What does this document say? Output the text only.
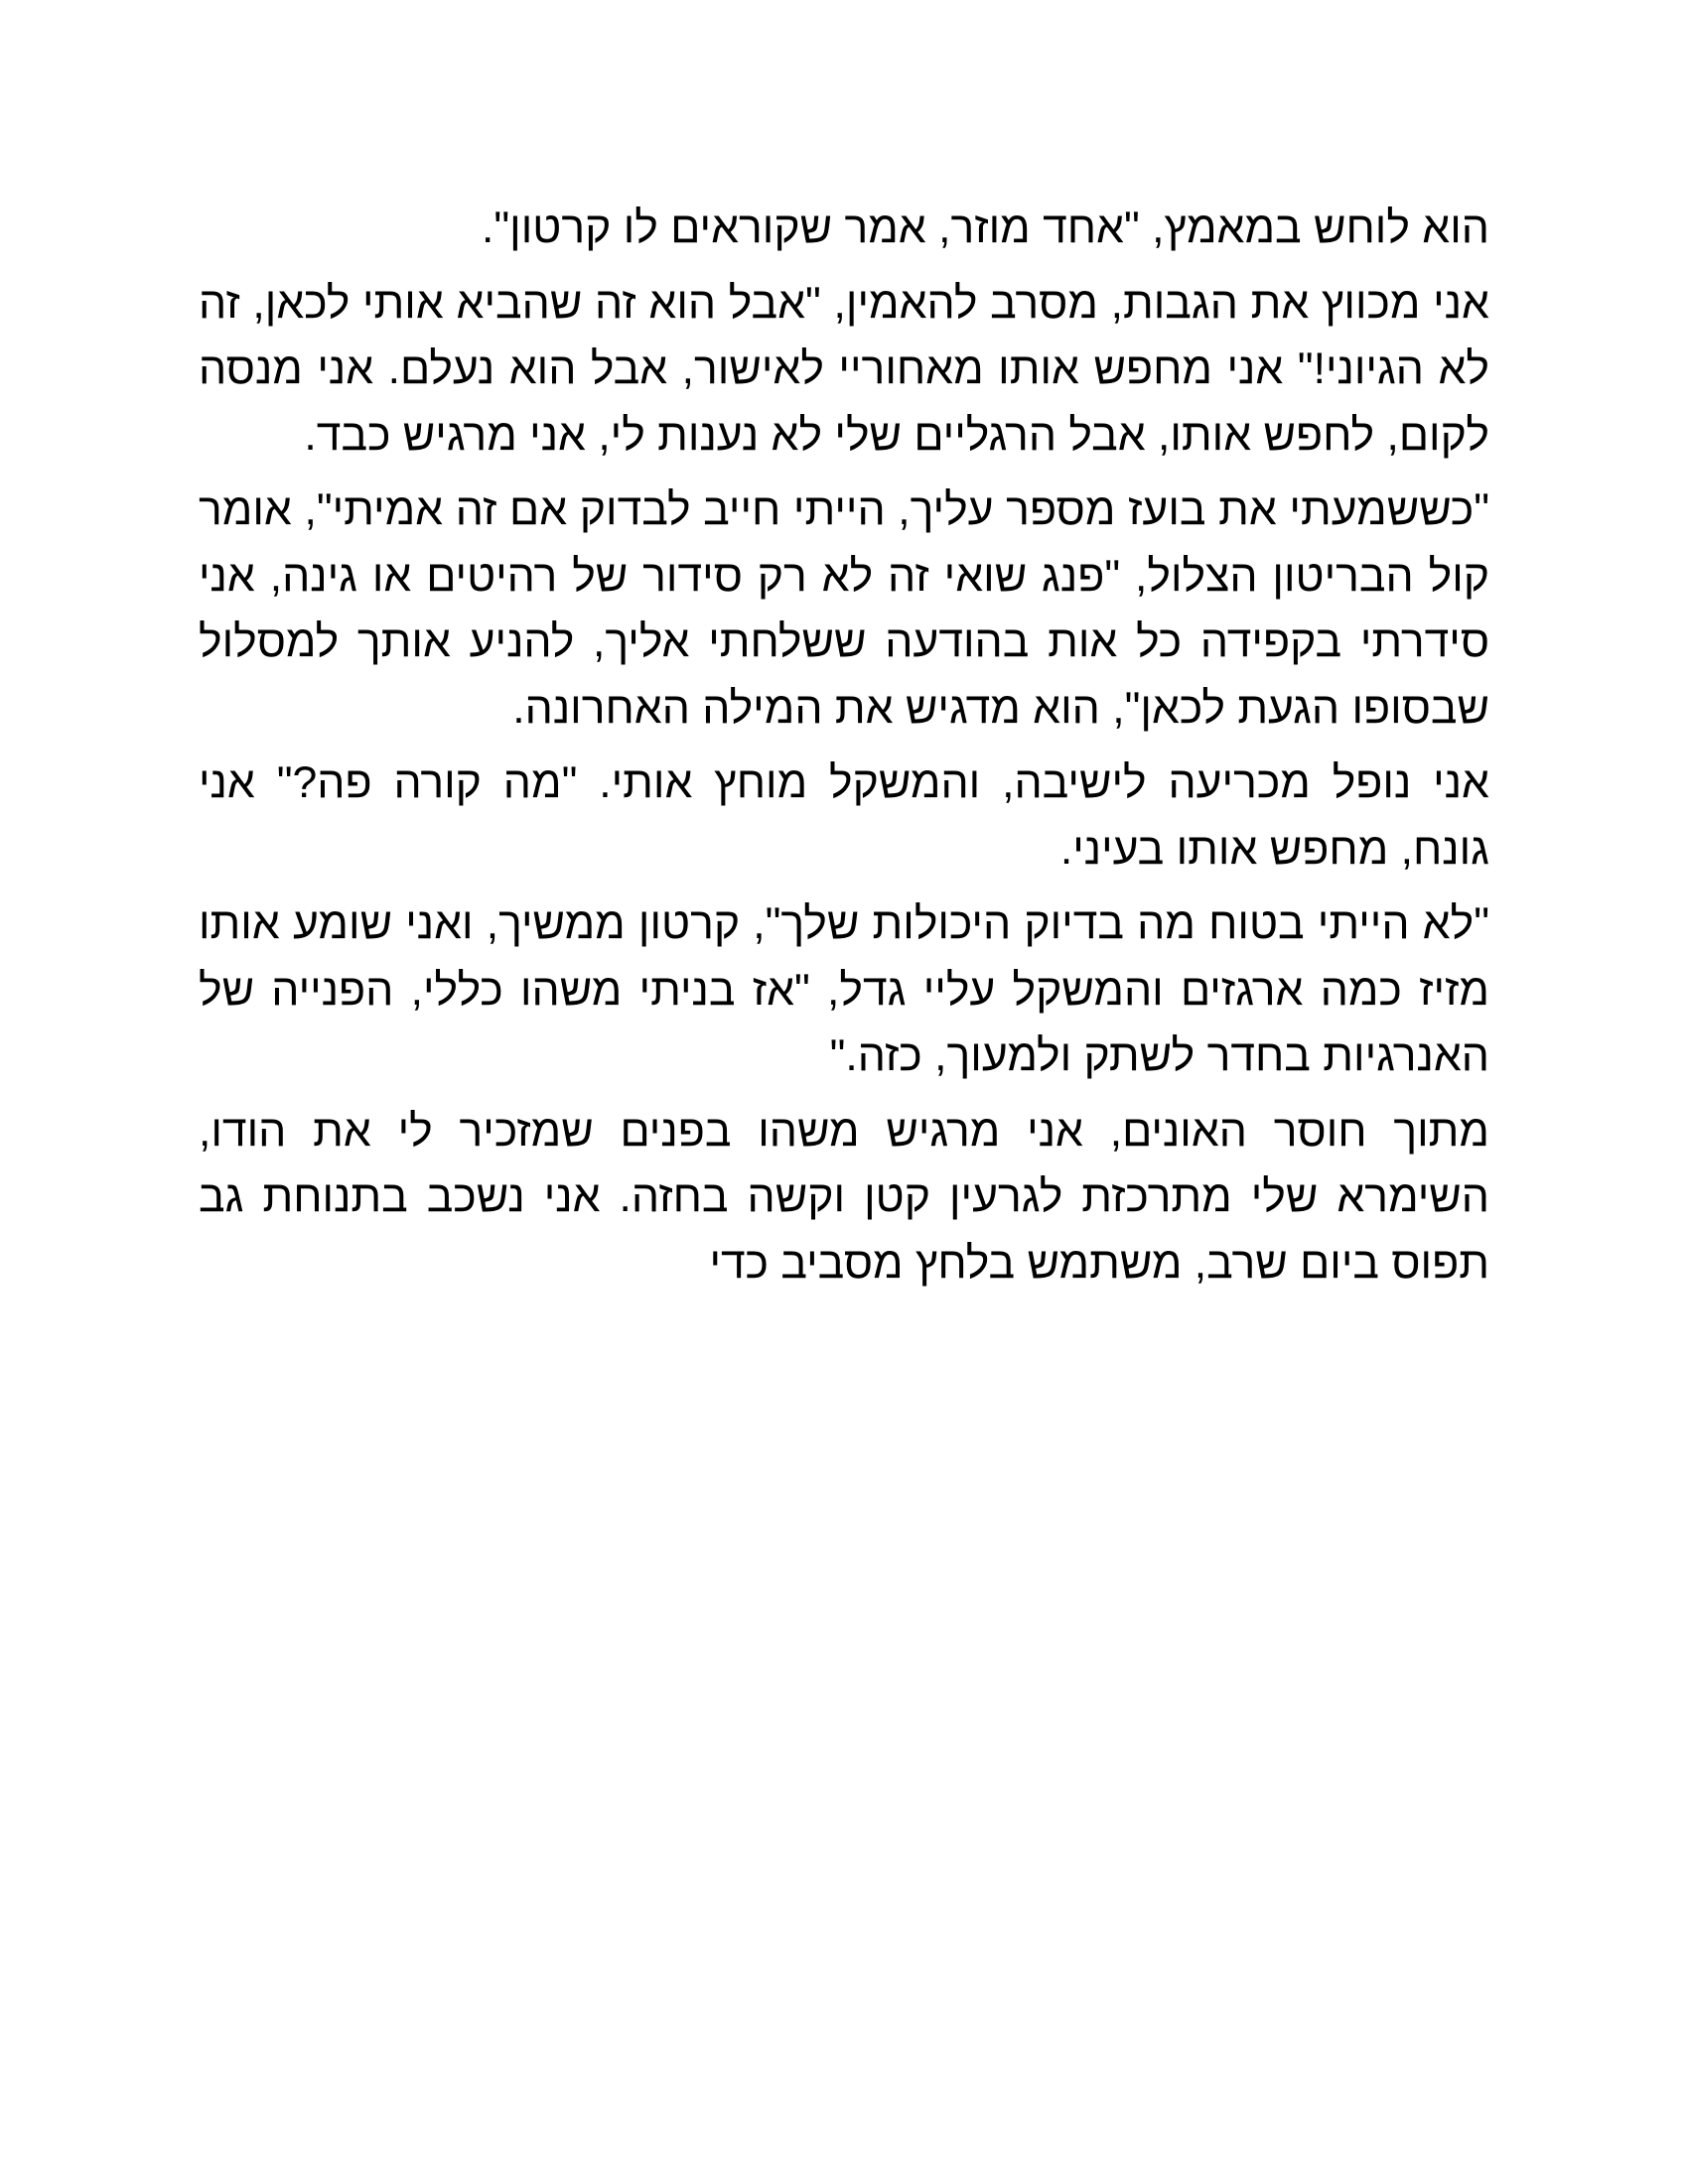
הוא לוחש במאמץ, "אחד מוזר, אמר שקוראים לו קרטון".

אני מכווץ את הגבות, מסרב להאמין, "אבל הוא זה שהביא אותי לכאן, זה לא הגיוני!" אני מחפש אותו מאחוריי לאישור, אבל הוא נעלם. אני מנסה לקום, לחפש אותו, אבל הרגליים שלי לא נענות לי, אני מרגיש כבד.

"כששמעתי את בועז מספר עליך, הייתי חייב לבדוק אם זה אמיתי", אומר קול הבריטון הצלול, "פנג שואי זה לא רק סידור של רהיטים או גינה, אני סידרתי בקפידה כל אות בהודעה ששלחתי אליך, להניע אותך למסלול שבסופו הגעת לכאן", הוא מדגיש את המילה האחרונה.

אני נופל מכריעה לישיבה, והמשקל מוחץ אותי. "מה קורה פה?" אני גונח, מחפש אותו בעיני.

"לא הייתי בטוח מה בדיוק היכולות שלך", קרטון ממשיך, ואני שומע אותו מזיז כמה ארגזים והמשקל עליי גדל, "אז בניתי משהו כללי, הפנייה של האנרגיות בחדר לשתק ולמעוך, כזה."

מתוך חוסר האונים, אני מרגיש משהו בפנים שמזכיר לי את הודו, השימרא שלי מתרכזת לגרעין קטן וקשה בחזה. אני נשכב בתנוחת גב תפוס ביום שרב, משתמש בלחץ מסביב כדי
